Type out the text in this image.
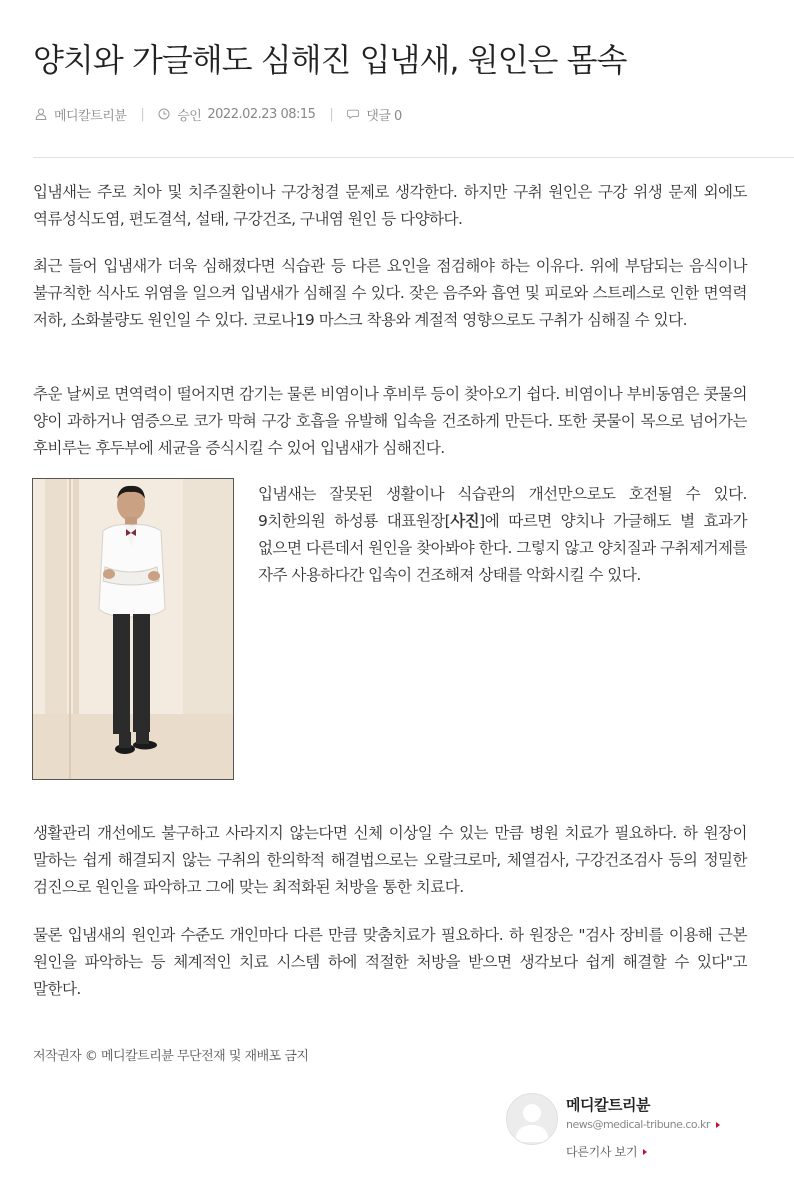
양치와 가글해도 심해진 입냄새, 원인은 몸속
메디칼트리뷴 |	승인 2022.02.23 08:15 |	댓글 0

입냄새는 주로 치아 및 치주질환이나 구강청결 문제로 생각한다. 하지만 구취 원인은 구강 위생 문제 외에도 역류성식도염, 편도결석, 설태, 구강건조, 구내염 원인 등 다양하다.

최근 들어 입냄새가 더욱 심해졌다면 식습관 등 다른 요인을 점검해야 하는 이유다. 위에 부담되는 음식이나 불규칙한 식사도 위염을 일으켜 입냄새가 심해질 수 있다. 잦은 음주와 흡연 및 피로와 스트레스로 인한 면역력 저하, 소화불량도 원인일 수 있다. 코로나19 마스크 착용와 계절적 영향으로도 구취가 심해질 수 있다.

추운 날씨로 면역력이 떨어지면 감기는 물론 비염이나 후비루 등이 찾아오기 쉽다. 비염이나 부비동염은 콧물의 양이 과하거나 염증으로 코가 막혀 구강 호흡을 유발해 입속을 건조하게 만든다. 또한 콧물이 목으로 넘어가는 후비루는 후두부에 세균을 증식시킬 수 있어 입냄새가 심해진다.

입냄새는 잘못된 생활이나 식습관의 개선만으로도 호전될 수 있다. 9치한의원 하성룡 대표원장[사진]에 따르면 양치나 가글해도 별 효과가 없으면 다른데서 원인을 찾아봐야 한다. 그렇지 않고 양치질과 구취제거제를 자주 사용하다간 입속이 건조해져 상태를 악화시킬 수 있다.

생활관리 개선에도 불구하고 사라지지 않는다면 신체 이상일 수 있는 만큼 병원 치료가 필요하다. 하 원장이 말하는 쉽게 해결되지 않는 구취의 한의학적 해결법으로는 오랄크로마, 체열검사, 구강건조검사 등의 정밀한 검진으로 원인을 파악하고 그에 맞는 최적화된 처방을 통한 치료다.

물론 입냄새의 원인과 수준도 개인마다 다른 만큼 맞춤치료가 필요하다. 하 원장은 "검사 장비를 이용해 근본 원인을 파악하는 등 체계적인 치료 시스템 하에 적절한 처방을 받으면 생각보다 쉽게 해결할 수 있다"고 말한다.

저작권자 © 메디칼트리뷴 무단전재 및 재배포 금지
메디칼트리뷴
news@medical-tribune.co.kr
다른기사 보기
